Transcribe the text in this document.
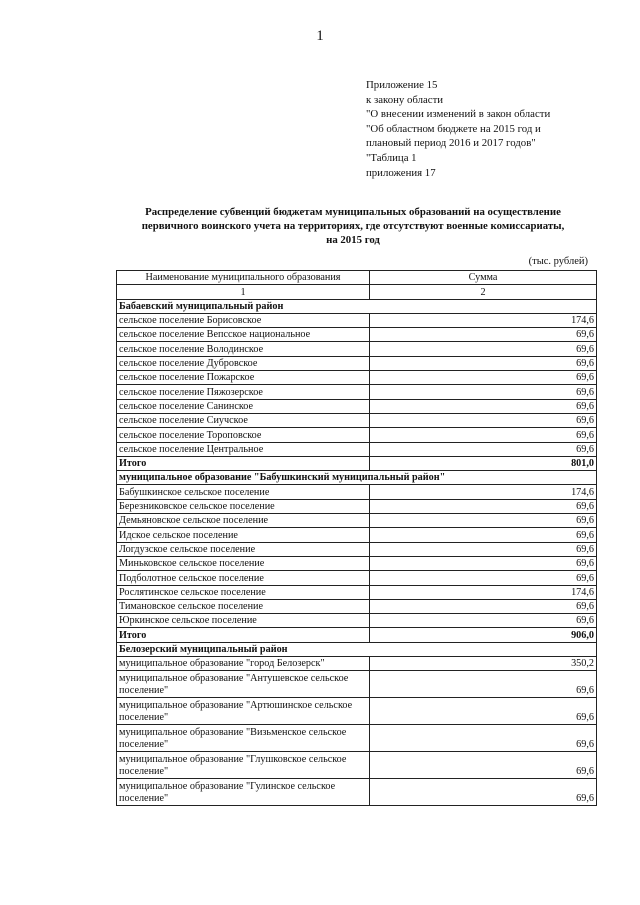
1
Приложение 15
к закону области
"О внесении изменений в закон области
"Об областном бюджете на 2015 год и
плановый период 2016 и 2017 годов"
"Таблица 1
приложения 17
Распределение субвенций бюджетам муниципальных образований на осуществление
первичного воинского учета на территориях, где отсутствуют военные комиссариаты,
на 2015 год
(тыс. рублей)
Наименование муниципального образования	Сумма
1	2
Бабаевский муниципальный район	
сельское поселение Борисовское	174,6
сельское поселение Вепсское национальное	69,6
сельское поселение Володинское	69,6
сельское поселение Дубровское	69,6
сельское поселение Пожарское	69,6
сельское поселение Пяжозерское	69,6
сельское поселение Санинское	69,6
сельское поселение Сиучское	69,6
сельское поселение Тороповское	69,6
сельское поселение Центральное	69,6
Итого	801,0
муниципальное образование "Бабушкинский муниципальный район"	
Бабушкинское сельское поселение	174,6
Березниковское сельское поселение	69,6
Демьяновское сельское поселение	69,6
Идское сельское поселение	69,6
Логдузское сельское поселение	69,6
Миньковское сельское поселение	69,6
Подболотное сельское поселение	69,6
Рослятинское сельское поселение	174,6
Тимановское сельское поселение	69,6
Юркинское сельское поселение	69,6
Итого	906,0
Белозерский муниципальный район	
муниципальное образование "город Белозерск"	350,2
муниципальное образование "Антушевское сельское поселение"	69,6
муниципальное образование "Артюшинское сельское поселение"	69,6
муниципальное образование "Визьменское сельское поселение"	69,6
муниципальное образование "Глушковское сельское поселение"	69,6
муниципальное образование "Гулинское сельское поселение"	69,6
